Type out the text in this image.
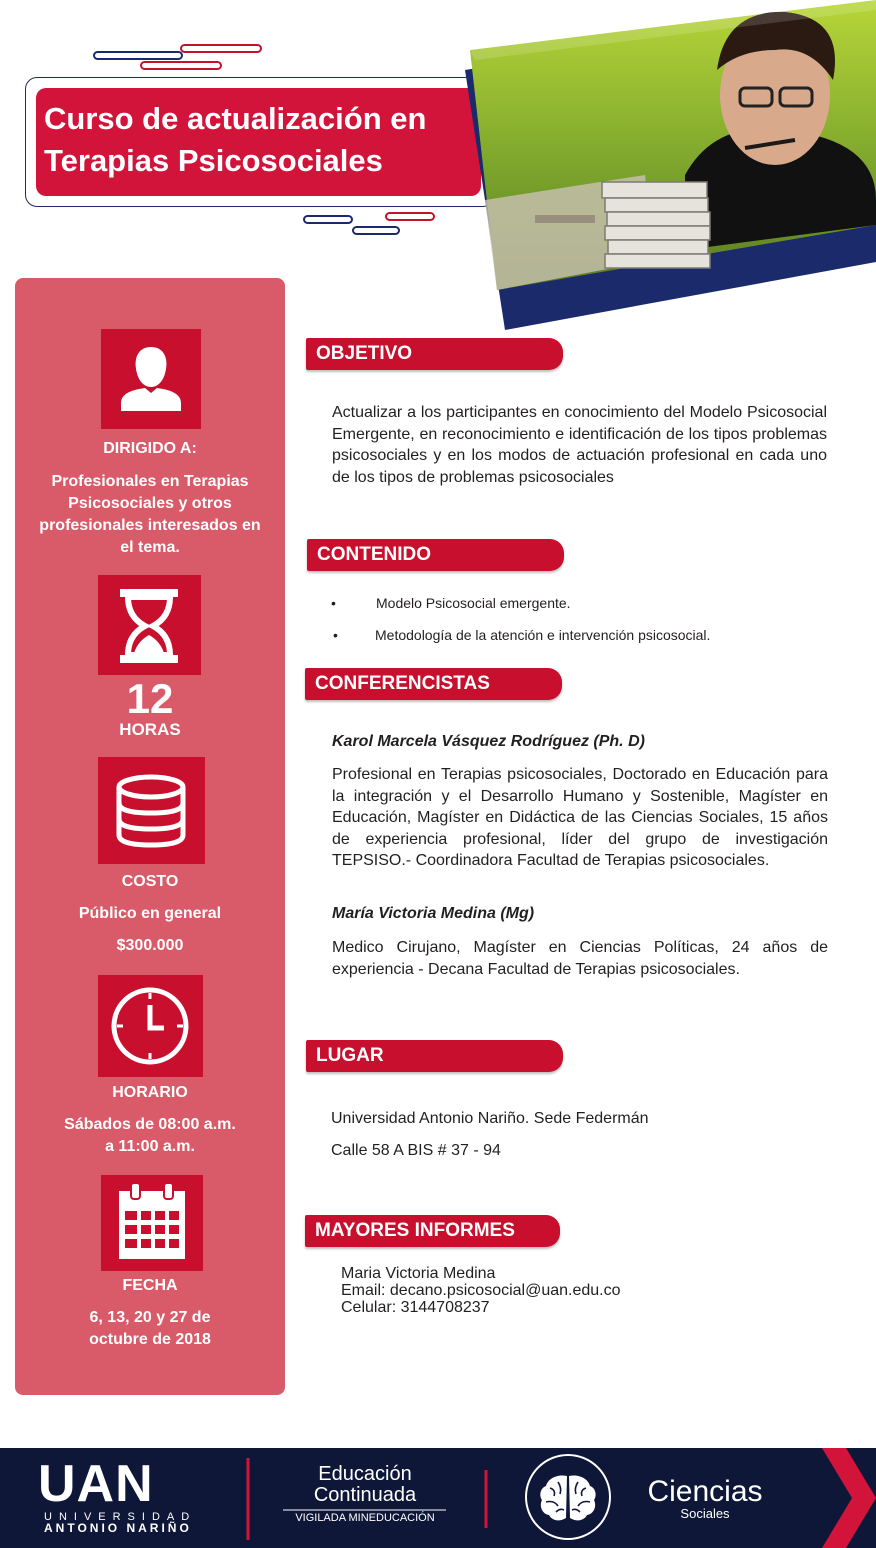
Curso de actualización en
Terapias Psicosociales
DIRIGIDO A:
Profesionales en Terapias
Psicosociales y otros
profesionales interesados en
el tema.
12
HORAS
COSTO
Público en general
$300.000
HORARIO
Sábados de 08:00 a.m.
a 11:00 a.m.
FECHA
6, 13, 20 y 27 de
octubre de 2018
OBJETIVO
Actualizar a los participantes en conocimiento del Modelo Psicosocial Emergente, en reconocimiento e identificación de los tipos problemas psicosociales y en los modos de actuación profesional en cada uno de los tipos de problemas psicosociales
CONTENIDO
•	Modelo Psicosocial emergente.
•	Metodología de la atención e intervención psicosocial.
CONFERENCISTAS
Karol Marcela Vásquez Rodríguez (Ph. D)
Profesional en Terapias psicosociales, Doctorado en Educación para la integración y el Desarrollo Humano y Sostenible, Magíster en Educación, Magíster en Didáctica de las Ciencias Sociales, 15 años de experiencia profesional, líder del grupo de investigación TEPSISO.- Coordinadora Facultad de Terapias psicosociales.
María Victoria Medina (Mg)
Medico Cirujano, Magíster en Ciencias Políticas, 24 años de experiencia - Decana Facultad de Terapias psicosociales.
LUGAR
Universidad Antonio Nariño. Sede Federmán
Calle 58 A BIS # 37 - 94
MAYORES INFORMES
Maria Victoria Medina
Email: decano.psicosocial@uan.edu.co
Celular: 3144708237
UAN
UNIVERSIDAD
ANTONIO NARIÑO
Educación
Continuada
VIGILADA MINEDUCACIÓN
Ciencias
Sociales
